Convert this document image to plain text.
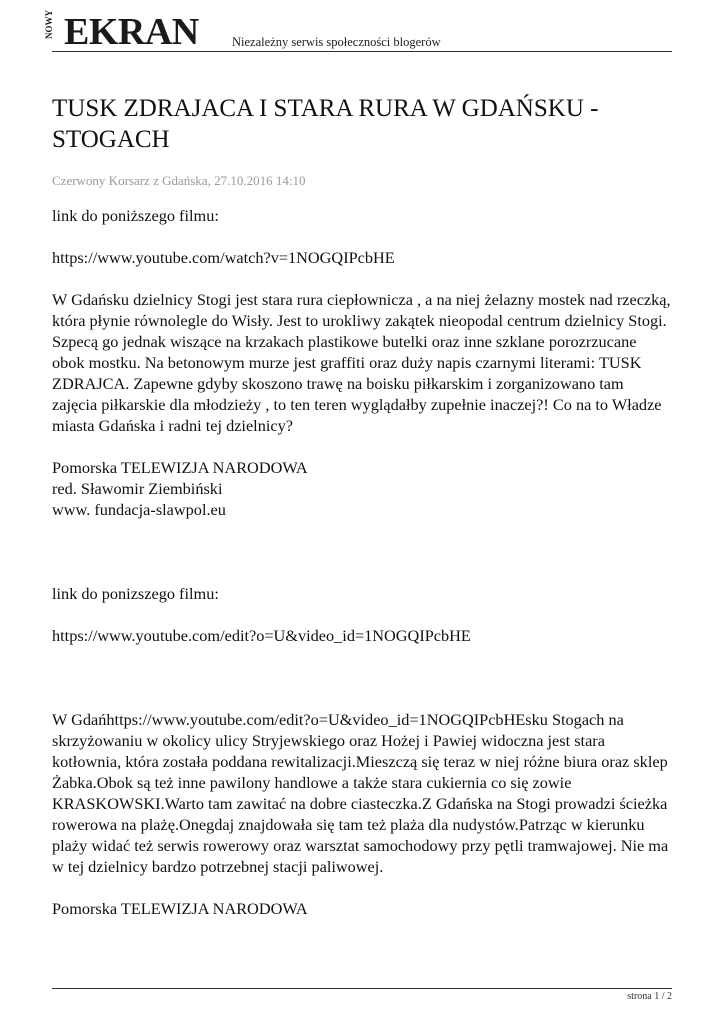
NOWY EKRAN	Niezależny serwis społeczności blogerów
TUSK ZDRAJACA I STARA RURA W GDAŃSKU - STOGACH
Czerwony Korsarz z Gdańska, 27.10.2016 14:10

link do poniższego filmu:

https://www.youtube.com/watch?v=1NOGQIPcbHE

W Gdańsku dzielnicy Stogi jest stara rura ciepłownicza , a na niej żelazny mostek nad rzeczką, która płynie równolegle do Wisły. Jest to urokliwy zakątek nieopodal centrum dzielnicy Stogi. Szpecą go jednak wiszące na krzakach plastikowe butelki oraz inne szklane porozrzucane obok mostku. Na betonowym murze jest graffiti oraz duży napis czarnymi literami: TUSK ZDRAJCA. Zapewne gdyby skoszono trawę na boisku piłkarskim i zorganizowano tam zajęcia piłkarskie dla młodzieży , to ten teren wyglądałby zupełnie inaczej?! Co na to Władze miasta Gdańska i radni tej dzielnicy?

Pomorska TELEWIZJA NARODOWA

red. Sławomir Ziembiński

www. fundacja-slawpol.eu

link do ponizszego filmu:

https://www.youtube.com/edit?o=U&video_id=1NOGQIPcbHE

W Gdańhttps://www.youtube.com/edit?o=U&video_id=1NOGQIPcbHEsku Stogach na skrzyżowaniu w okolicy ulicy Stryjewskiego oraz Hożej i Pawiej widoczna jest stara kotłownia, która została poddana rewitalizacji.Mieszczą się teraz w niej różne biura oraz sklep Żabka.Obok są też inne pawilony handlowe a także stara cukiernia co się zowie KRASKOWSKI.Warto tam zawitać na dobre ciasteczka.Z Gdańska na Stogi prowadzi ścieżka rowerowa na plażę.Onegdaj znajdowała się tam też plaża dla nudystów.Patrząc w kierunku plaży widać też serwis rowerowy oraz warsztat samochodowy przy pętli tramwajowej. Nie ma w tej dzielnicy bardzo potrzebnej stacji paliwowej.

Pomorska TELEWIZJA NARODOWA

strona 1 / 2
